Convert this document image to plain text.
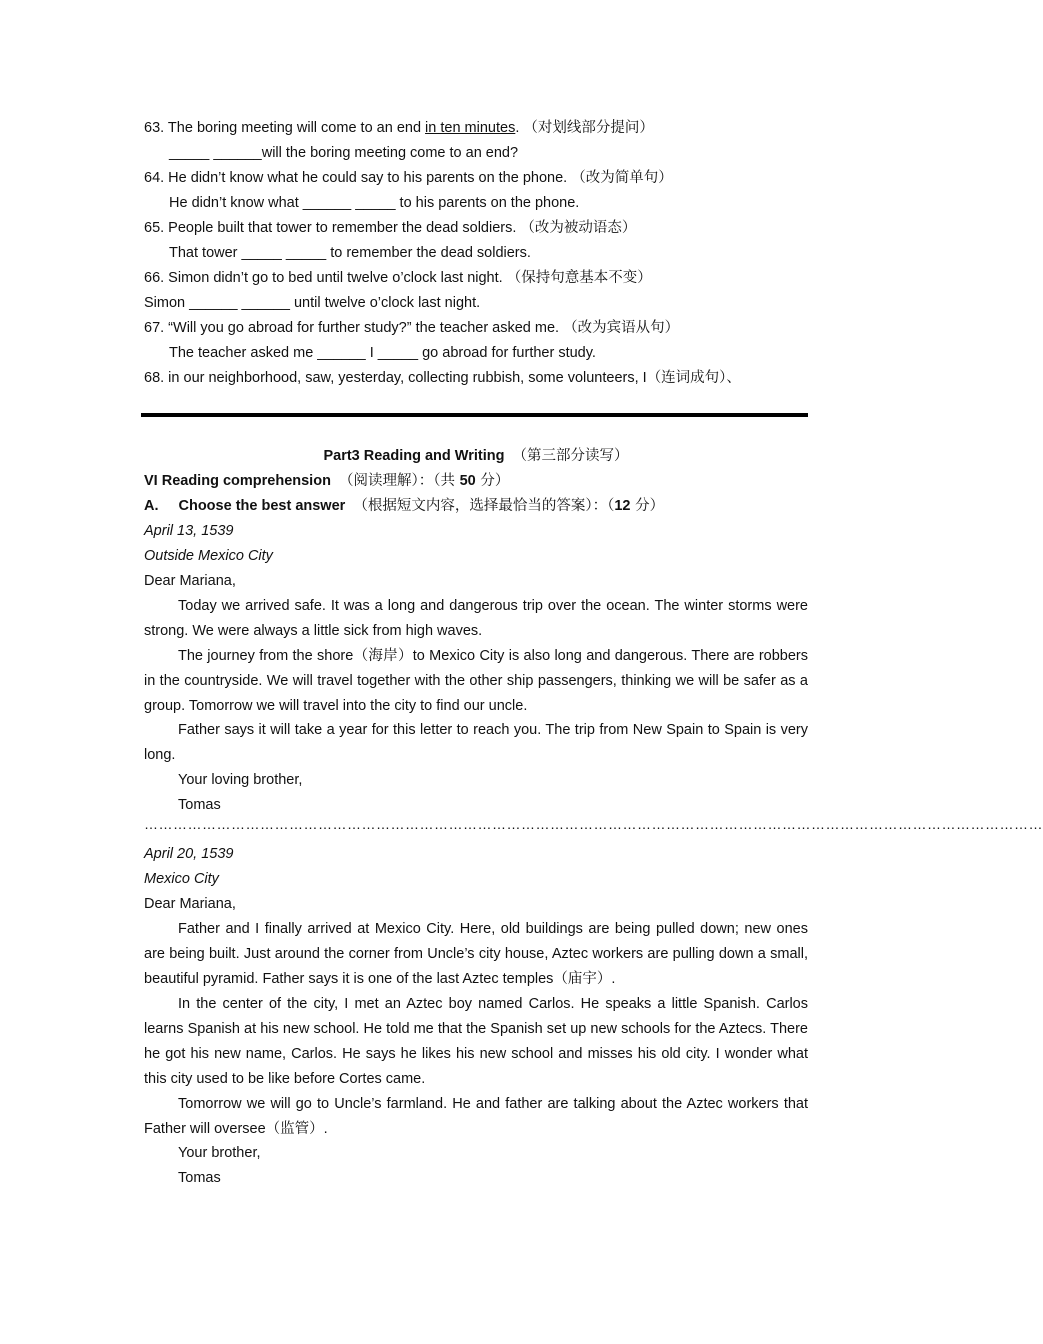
63. The boring meeting will come to an end in ten minutes. （对划线部分提问）
_____ ______will the boring meeting come to an end?
64. He didn’t know what he could say to his parents on the phone. （改为简单句）
He didn’t know what ______ _____ to his parents on the phone.
65. People built that tower to remember the dead soldiers. （改为被动语态）
That tower _____ _____ to remember the dead soldiers.
66. Simon didn’t go to bed until twelve o’clock last night. （保持句意基本不变）
Simon ______ ______ until twelve o’clock last night.
67. “Will you go abroad for further study?” the teacher asked me. （改为宾语从句）
The teacher asked me ______ I _____ go abroad for further study.
68. in our neighborhood, saw, yesterday, collecting rubbish, some volunteers, I（连词成句）、
Part3 Reading and Writing （第三部分读写）
VI Reading comprehension （阅读理解）：（共 50 分）
A. Choose the best answer （根据短文内容，选择最恰当的答案）：（12 分）
April 13, 1539
Outside Mexico City
Dear Mariana,
Today we arrived safe. It was a long and dangerous trip over the ocean. The winter storms were strong. We were always a little sick from high waves.
The journey from the shore（海岸）to Mexico City is also long and dangerous. There are robbers in the countryside. We will travel together with the other ship passengers, thinking we will be safer as a group. Tomorrow we will travel into the city to find our uncle.
Father says it will take a year for this letter to reach you. The trip from New Spain to Spain is very long.
Your loving brother,
Tomas
……………………………………………………………………………………………………………………………………………………………………
April 20, 1539
Mexico City
Dear Mariana,
Father and I finally arrived at Mexico City. Here, old buildings are being pulled down; new ones are being built. Just around the corner from Uncle’s city house, Aztec workers are pulling down a small, beautiful pyramid. Father says it is one of the last Aztec temples（庙宇）.
In the center of the city, I met an Aztec boy named Carlos. He speaks a little Spanish. Carlos learns Spanish at his new school. He told me that the Spanish set up new schools for the Aztecs. There he got his new name, Carlos. He says he likes his new school and misses his old city. I wonder what this city used to be like before Cortes came.
Tomorrow we will go to Uncle’s farmland. He and father are talking about the Aztec workers that Father will oversee（监管）.
Your brother,
Tomas
